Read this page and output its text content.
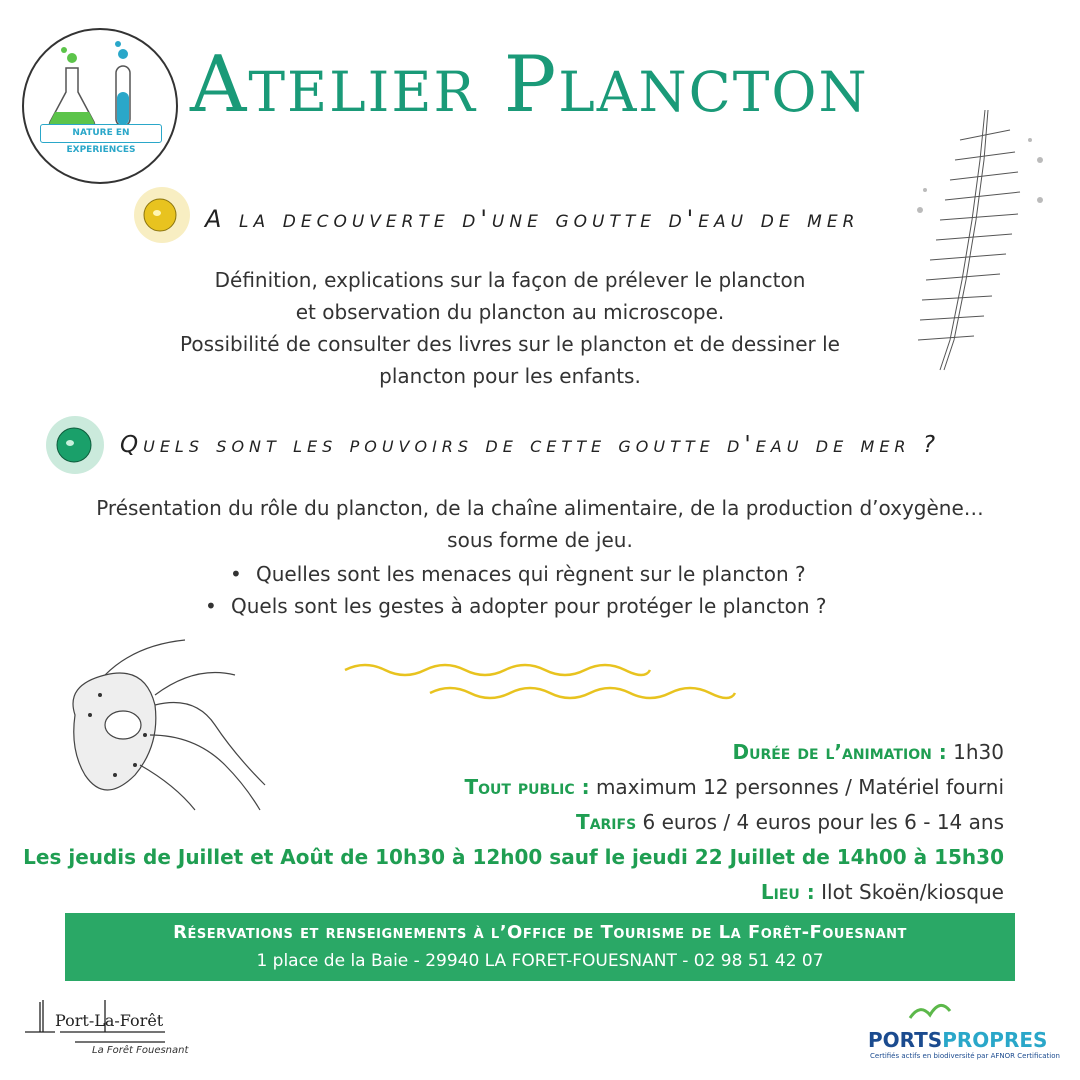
NATURE EN EXPERIENCES
Atelier Plancton
A la decouverte d'une goutte d'eau de mer
Définition, explications sur la façon de prélever le plancton
et observation du plancton au microscope.
Possibilité de consulter des livres sur le plancton et de dessiner le
plancton pour les enfants.
Quels sont les pouvoirs de cette goutte d'eau de mer ?
Présentation du rôle du plancton, de la chaîne alimentaire, de la production d’oxygène…
sous forme de jeu.
• Quelles sont les menaces qui règnent sur le plancton ?
• Quels sont les gestes à adopter pour protéger le plancton ?
Durée de l’animation : 1h30
Tout public : maximum 12 personnes / Matériel fourni
Tarifs 6 euros / 4 euros pour les 6 - 14 ans
Les jeudis de Juillet et Août de 10h30 à 12h00 sauf le jeudi 22 Juillet de 14h00 à 15h30
Lieu : Ilot Skoën/kiosque
Réservations et renseignements à l’Office de Tourisme de La Forêt-Fouesnant
1 place de la Baie - 29940 LA FORET-FOUESNANT - 02 98 51 42 07
Port-La-Forêt
La Forêt Fouesnant	PORTSPROPRES
Certifiés actifs en biodiversité par AFNOR Certification
